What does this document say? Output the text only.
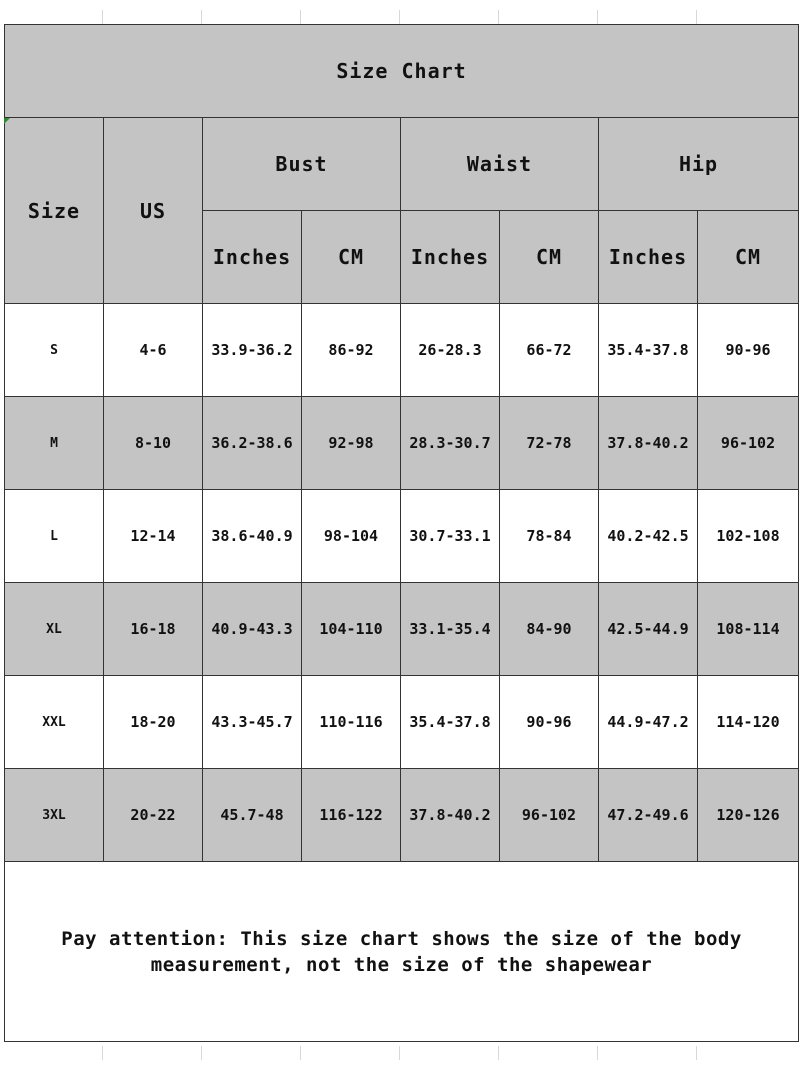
Size Chart							
Size	US	Bust		Waist		Hip	
		Inches	CM	Inches	CM	Inches	CM
S	4-6	33.9-36.2	86-92	26-28.3	66-72	35.4-37.8	90-96
M	8-10	36.2-38.6	92-98	28.3-30.7	72-78	37.8-40.2	96-102
L	12-14	38.6-40.9	98-104	30.7-33.1	78-84	40.2-42.5	102-108
XL	16-18	40.9-43.3	104-110	33.1-35.4	84-90	42.5-44.9	108-114
XXL	18-20	43.3-45.7	110-116	35.4-37.8	90-96	44.9-47.2	114-120
3XL	20-22	45.7-48	116-122	37.8-40.2	96-102	47.2-49.6	120-126
Pay attention: This size chart shows the size of the body measurement, not the size of the shapewear							
